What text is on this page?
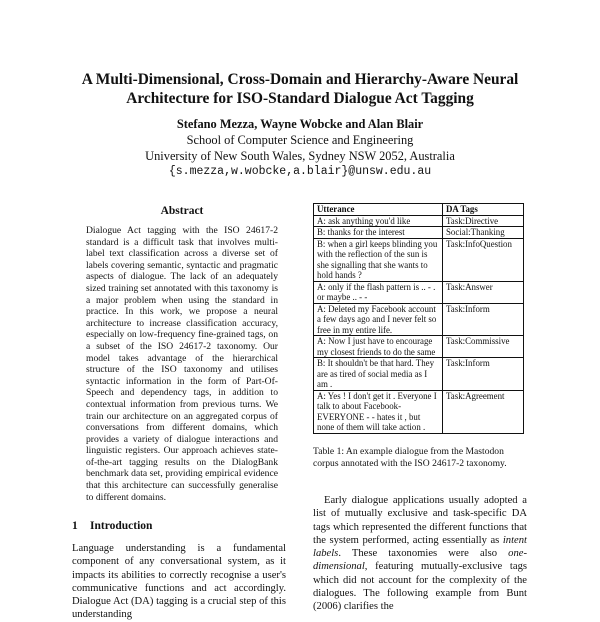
A Multi-Dimensional, Cross-Domain and Hierarchy-Aware Neural
Architecture for ISO-Standard Dialogue Act Tagging
Stefano Mezza, Wayne Wobcke and Alan Blair
School of Computer Science and Engineering
University of New South Wales, Sydney NSW 2052, Australia
{s.mezza,w.wobcke,a.blair}@unsw.edu.au
Abstract
Dialogue Act tagging with the ISO 24617-2 standard is a difficult task that involves multi-label text classification across a diverse set of labels covering semantic, syntactic and pragmatic aspects of dialogue. The lack of an adequately sized training set annotated with this taxonomy is a major problem when using the standard in practice. In this work, we propose a neural architecture to increase classification accuracy, especially on low-frequency fine-grained tags, on a subset of the ISO 24617-2 taxonomy. Our model takes advantage of the hierarchical structure of the ISO taxonomy and utilises syntactic information in the form of Part-Of-Speech and dependency tags, in addition to contextual information from previous turns. We train our architecture on an aggregated corpus of conversations from different domains, which provides a variety of dialogue interactions and linguistic registers. Our approach achieves state-of-the-art tagging results on the DialogBank benchmark data set, providing empirical evidence that this architecture can successfully generalise to different domains.
1 Introduction
Language understanding is a fundamental component of any conversational system, as it impacts its abilities to correctly recognise a user's communicative functions and act accordingly. Dialogue Act (DA) tagging is a crucial step of this understanding
Utterance	DA Tags
A: ask anything you'd like	Task:Directive
B: thanks for the interest	Social:Thanking
B: when a girl keeps blinding you with the reflection of the sun is she signalling that she wants to hold hands ?	Task:InfoQuestion
A: only if the flash pattern is .. - . or maybe .. - -	Task:Answer
A: Deleted my Facebook account a few days ago and I never felt so free in my entire life.	Task:Inform
A: Now I just have to encourage my closest friends to do the same	Task:Commissive
B: It shouldn't be that hard. They are as tired of social media as I am .	Task:Inform
A: Yes ! I don't get it . Everyone I talk to about Facebook- EVERYONE - - hates it , but none of them will take action .	Task:Agreement
Table 1: An example dialogue from the Mastodon corpus annotated with the ISO 24617-2 taxonomy.

Early dialogue applications usually adopted a list of mutually exclusive and task-specific DA tags which represented the different functions that the system performed, acting essentially as intent labels. These taxonomies were also one-dimensional, featuring mutually-exclusive tags which did not account for the complexity of the dialogues. The following example from Bunt (2006) clarifies the
